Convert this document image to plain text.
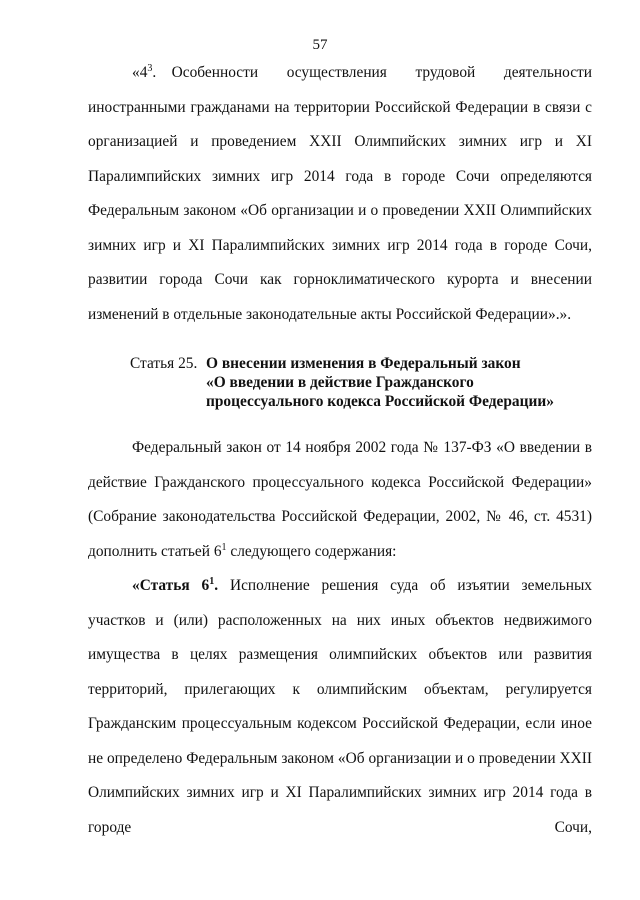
57

«$4^3$. Особенности осуществления трудовой деятельности иностранными гражданами на территории Российской Федерации в связи с организацией и проведением XXII Олимпийских зимних игр и XI Паралимпийских зимних игр 2014 года в городе Сочи определяются Федеральным законом «Об организации и о проведении XXII Олимпийских зимних игр и XI Паралимпийских зимних игр 2014 года в городе Сочи, развитии города Сочи как горноклиматического курорта и внесении изменений в отдельные законодательные акты Российской Федерации».».

Статья 25. О внесении изменения в Федеральный закон
«О введении в действие Гражданского
процессуального кодекса Российской Федерации»

Федеральный закон от 14 ноября 2002 года № 137-ФЗ «О введении в действие Гражданского процессуального кодекса Российской Федерации» (Собрание законодательства Российской Федерации, 2002, № 46, ст. 4531) дополнить статьей $6^1$ следующего содержания:

«Статья $6^1$. Исполнение решения суда об изъятии земельных участков и (или) расположенных на них иных объектов недвижимого имущества в целях размещения олимпийских объектов или развития территорий, прилегающих к олимпийским объектам, регулируется Гражданским процессуальным кодексом Российской Федерации, если иное не определено Федеральным законом «Об организации и о проведении XXII Олимпийских зимних игр и XI Паралимпийских зимних игр 2014 года в городе Сочи,
